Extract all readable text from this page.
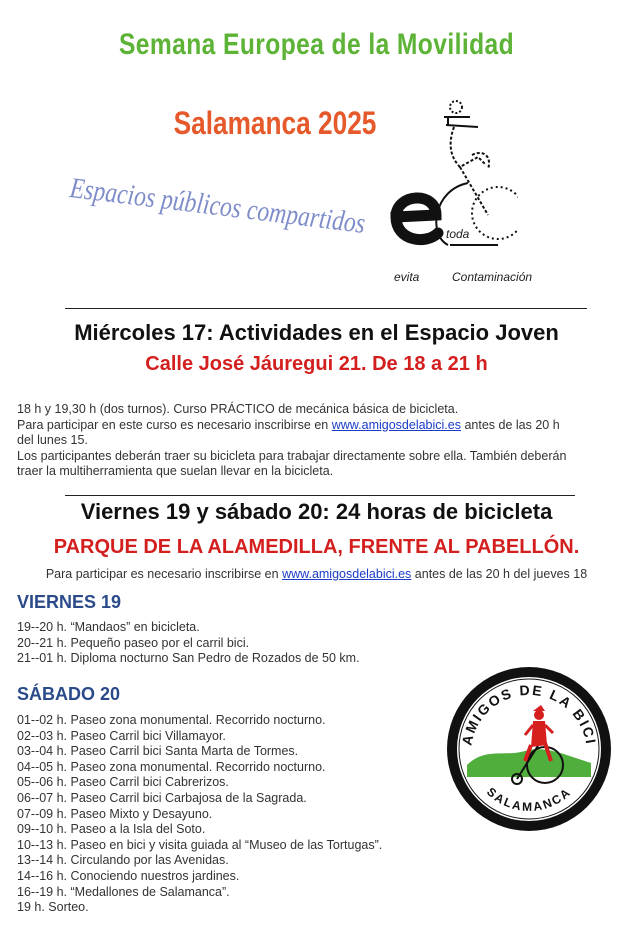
Semana Europea de la Movilidad
Salamanca 2025
Espacios públicos compartidos	t toda
evita	Contaminación
Miércoles 17: Actividades en el Espacio Joven
Calle José Jáuregui 21. De 18 a 21 h
18 h y 19,30 h (dos turnos). Curso PRÁCTICO de mecánica básica de bicicleta.
Para participar en este curso es necesario inscribirse en www.amigosdelabici.es antes de las 20 h
del lunes 15.
Los participantes deberán traer su bicicleta para trabajar directamente sobre ella. También deberán
traer la multiherramienta que suelan llevar en la bicicleta.
Viernes 19 y sábado 20: 24 horas de bicicleta
PARQUE DE LA ALAMEDILLA, FRENTE AL PABELLÓN.
Para participar es necesario inscribirse en www.amigosdelabici.es antes de las 20 h del jueves 18
VIERNES 19
19--20 h. “Mandaos” en bicicleta.
20--21 h. Pequeño paseo por el carril bici.
21--01 h. Diploma nocturno San Pedro de Rozados de 50 km.
SÁBADO 20
01--02 h. Paseo zona monumental. Recorrido nocturno.
02--03 h. Paseo Carril bici Villamayor.
03--04 h. Paseo Carril bici Santa Marta de Tormes.
04--05 h. Paseo zona monumental. Recorrido nocturno.
05--06 h. Paseo Carril bici Cabrerizos.
06--07 h. Paseo Carril bici Carbajosa de la Sagrada.
07--09 h. Paseo Mixto y Desayuno.
09--10 h. Paseo a la Isla del Soto.
10--13 h. Paseo en bici y visita guiada al “Museo de las Tortugas”.
13--14 h. Circulando por las Avenidas.
14--16 h. Conociendo nuestros jardines.
16--19 h. “Medallones de Salamanca”.
19 h. Sorteo.
AMIGOS DE LA BICI
SALAMANCA
